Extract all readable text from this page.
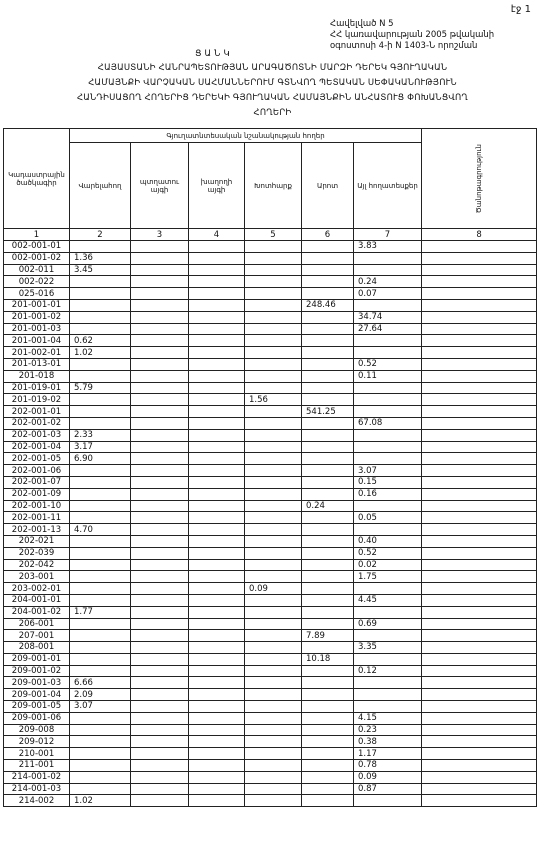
էջ 1
Հավելված N 5
ՀՀ կառավարության 2005 թվականի
օգոստոսի 4-ի N 1403-Ն որոշման
Ց Ա Ն Կ
ՀԱՅԱՍՏԱՆԻ ՀԱՆՐԱՊԵՏՈՒԹՅԱՆ ԱՐԱԳԱԾՈՏՆԻ ՄԱՐԶԻ ԴԵՐԵԿ ԳՅՈՒՂԱԿԱՆ
ՀԱՄԱՅՆՔԻ ՎԱՐՉԱԿԱՆ ՍԱՀՄԱՆՆԵՐՈՒՄ ԳՏՆՎՈՂ ՊԵՏԱԿԱՆ ՍԵՓԱԿԱՆՈՒԹՅՈՒՆ
ՀԱՆԴԻՍԱՑՈՂ ՀՈՂԵՐԻՑ ԴԵՐԵԿԻ ԳՅՈՒՂԱԿԱՆ ՀԱՄԱՅՆՔԻՆ ԱՆՀԱՏՈՒՑ ՓՈԽԱՆՑՎՈՂ
ՀՈՂԵՐԻ
Կադաստրային ծածկագիր	Գյուղատնտեսական նշանակության հողեր						Ծանոթագրություն

	Վարելահող	պտղատու այգի	խաղողի այգի	Խոտհարք	Արոտ	Այլ հողատեսքեր	
1	2	3	4	5	6	7	8
002-001-01						3.83	
002-001-02	1.36						
002-011	3.45						
002-022						0.24	
025-016						0.07	
201-001-01					248.46		
201-001-02						34.74	
201-001-03						27.64	
201-001-04	0.62						
201-002-01	1.02						
201-013-01						0.52	
201-018						0.11	
201-019-01	5.79						
201-019-02				1.56			
202-001-01					541.25		
202-001-02						67.08	
202-001-03	2.33						
202-001-04	3.17						
202-001-05	6.90						
202-001-06						3.07	
202-001-07						0.15	
202-001-09						0.16	
202-001-10					0.24		
202-001-11						0.05	
202-001-13	4.70						
202-021						0.40	
202-039						0.52	
202-042						0.02	
203-001						1.75	
203-002-01				0.09			
204-001-01						4.45	
204-001-02	1.77						
206-001						0.69	
207-001					7.89		
208-001						3.35	
209-001-01					10.18		
209-001-02						0.12	
209-001-03	6.66						
209-001-04	2.09						
209-001-05	3.07						
209-001-06						4.15	
209-008						0.23	
209-012						0.38	
210-001						1.17	
211-001						0.78	
214-001-02						0.09	
214-001-03						0.87	
214-002	1.02						
